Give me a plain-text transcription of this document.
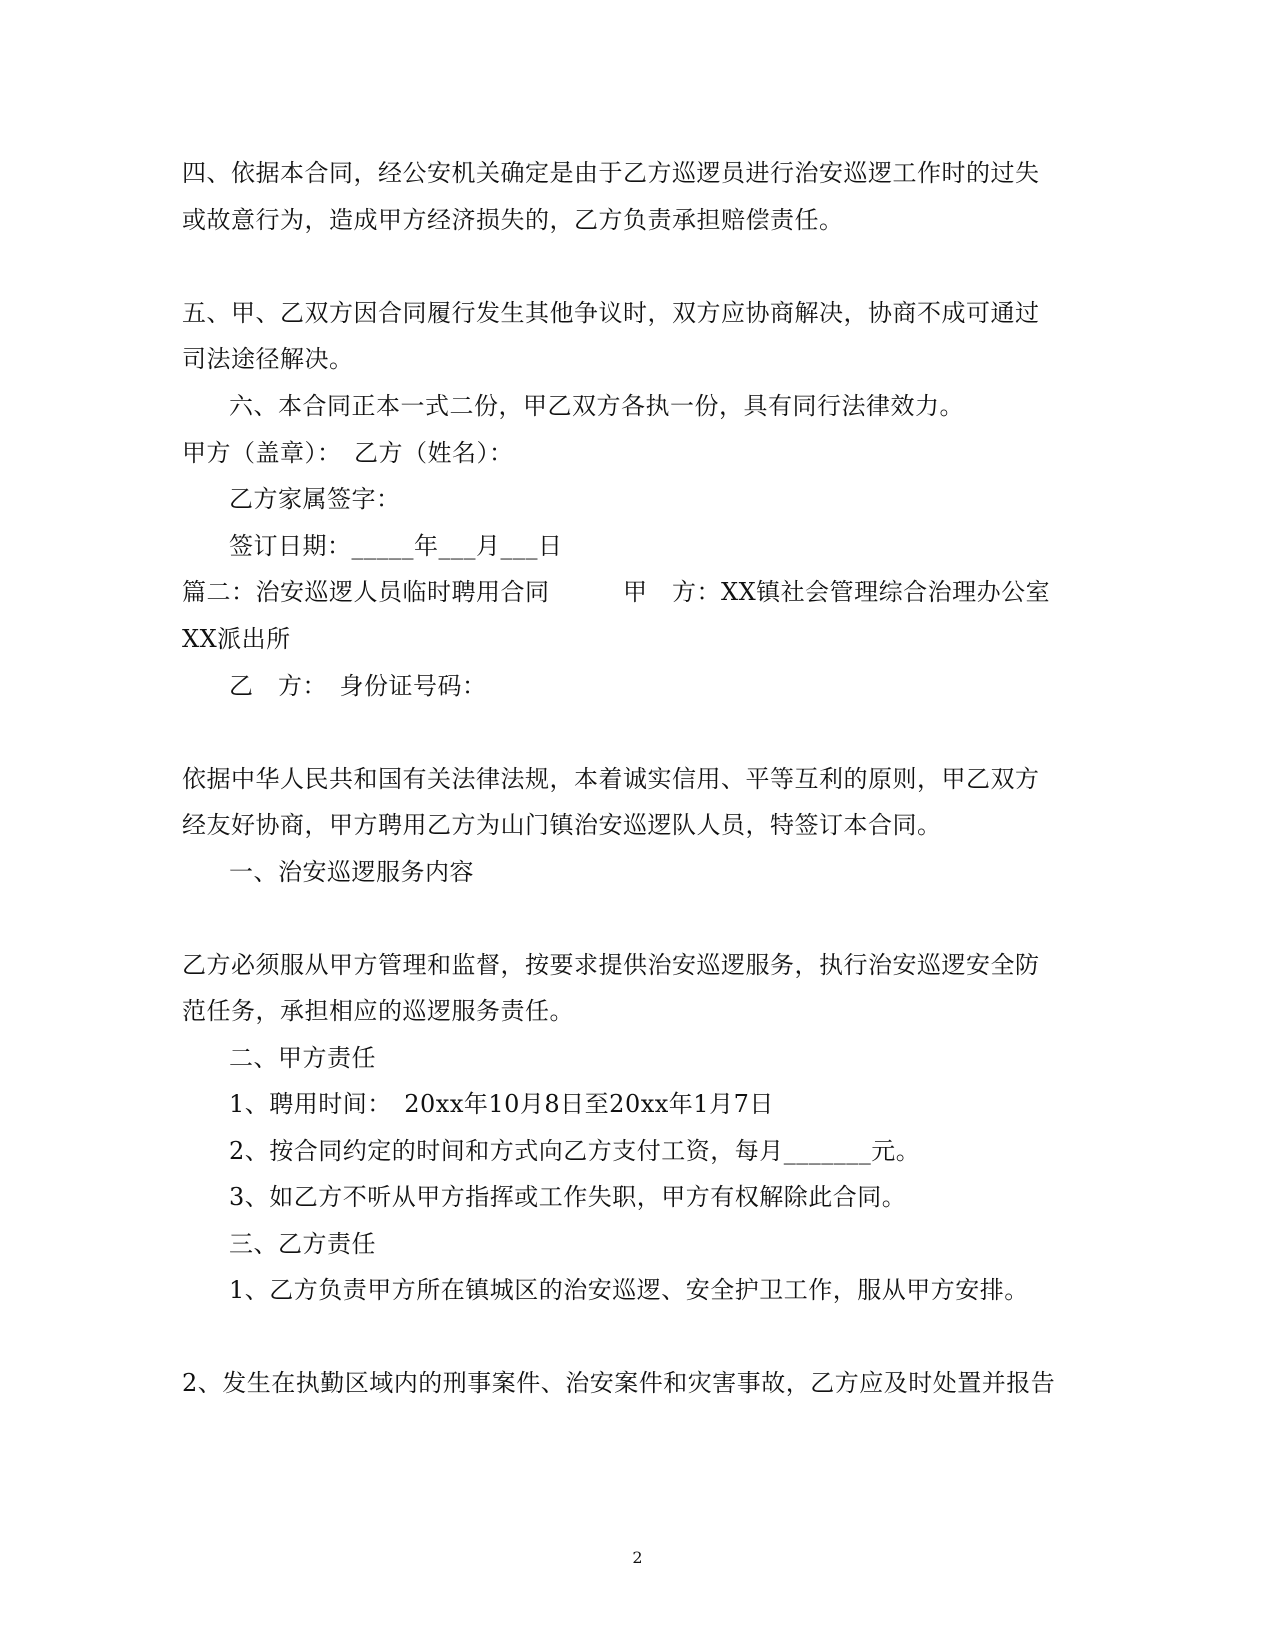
四、依据本合同，经公安机关确定是由于乙方巡逻员进行治安巡逻工作时的过失
或故意行为，造成甲方经济损失的，乙方负责承担赔偿责任。
五、甲、乙双方因合同履行发生其他争议时，双方应协商解决，协商不成可通过
司法途径解决。
六、本合同正本一式二份，甲乙双方各执一份，具有同行法律效力。
甲方（盖章）：　乙方（姓名）：
乙方家属签字：
签订日期：_____年___月___日
篇二：治安巡逻人员临时聘用合同　　　甲　方：XX镇社会管理综合治理办公室
XX派出所
乙　方：　身份证号码：
依据中华人民共和国有关法律法规，本着诚实信用、平等互利的原则，甲乙双方
经友好协商，甲方聘用乙方为山门镇治安巡逻队人员，特签订本合同。
一、治安巡逻服务内容
乙方必须服从甲方管理和监督，按要求提供治安巡逻服务，执行治安巡逻安全防
范任务，承担相应的巡逻服务责任。
二、甲方责任
1、聘用时间：　20xx年10月8日至20xx年1月7日
2、按合同约定的时间和方式向乙方支付工资，每月_______元。
3、如乙方不听从甲方指挥或工作失职，甲方有权解除此合同。
三、乙方责任
1、乙方负责甲方所在镇城区的治安巡逻、安全护卫工作，服从甲方安排。
2、发生在执勤区域内的刑事案件、治安案件和灾害事故，乙方应及时处置并报告
2
